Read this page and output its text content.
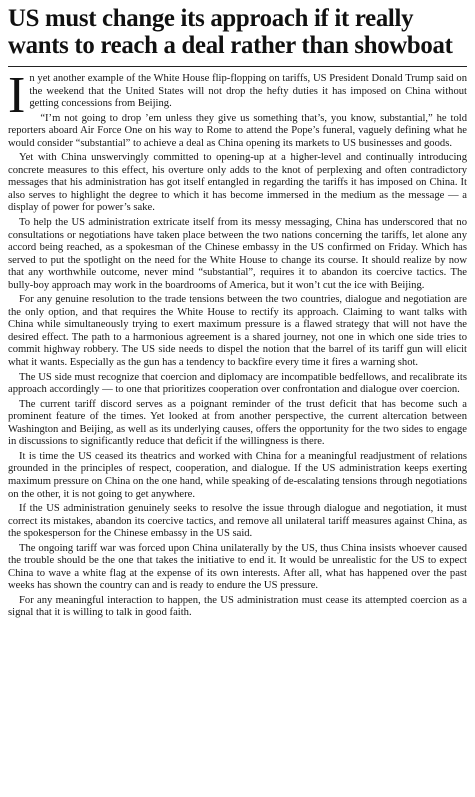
US must change its approach if it really
wants to reach a deal rather than showboat

In yet another example of the White House flip-flopping on tariffs, US President Donald Trump said on the weekend that the United States will not drop the hefty duties it has imposed on China without getting concessions from Beijing.

“I’m not going to drop ’em unless they give us something that’s, you know, substantial,” he told reporters aboard Air Force One on his way to Rome to attend the Pope’s funeral, vaguely defining what he would consider “substantial” to achieve a deal as China opening its markets to US businesses and goods.

Yet with China unswervingly committed to opening-up at a higher-level and continually introducing concrete measures to this effect, his overture only adds to the knot of perplexing and often contradictory messages that his administration has got itself entangled in regarding the tariffs it has imposed on China. It also serves to highlight the degree to which it has become immersed in the medium as the message — a display of power for power’s sake.

To help the US administration extricate itself from its messy messaging, China has underscored that no consultations or negotiations have taken place between the two nations concerning the tariffs, let alone any accord being reached, as a spokesman of the Chinese embassy in the US confirmed on Friday. Which has served to put the spotlight on the need for the White House to change its course. It should realize by now that any worthwhile outcome, never mind “substantial”, requires it to abandon its coercive tactics. The bully-boy approach may work in the boardrooms of America, but it won’t cut the ice with Beijing.

For any genuine resolution to the trade tensions between the two countries, dialogue and negotiation are the only option, and that requires the White House to rectify its approach. Claiming to want talks with China while simultaneously trying to exert maximum pressure is a flawed strategy that will not have the desired effect. The path to a harmonious agreement is a shared journey, not one in which one side tries to commit highway robbery. The US side needs to dispel the notion that the barrel of its tariff gun will elicit what it wants. Especially as the gun has a tendency to backfire every time it fires a warning shot.

The US side must recognize that coercion and diplomacy are incompatible bedfellows, and recalibrate its approach accordingly — to one that prioritizes cooperation over confrontation and dialogue over coercion.

The current tariff discord serves as a poignant reminder of the trust deficit that has become such a prominent feature of the times. Yet looked at from another perspective, the current altercation between Washington and Beijing, as well as its underlying causes, offers the opportunity for the two sides to engage in discussions to significantly reduce that deficit if the willingness is there.

It is time the US ceased its theatrics and worked with China for a meaningful readjustment of relations grounded in the principles of respect, cooperation, and dialogue. If the US administration keeps exerting maximum pressure on China on the one hand, while speaking of de-escalating tensions through negotiations on the other, it is not going to get anywhere.

If the US administration genuinely seeks to resolve the issue through dialogue and negotiation, it must correct its mistakes, abandon its coercive tactics, and remove all unilateral tariff measures against China, as the spokesperson for the Chinese embassy in the US said.

The ongoing tariff war was forced upon China unilaterally by the US, thus China insists whoever caused the trouble should be the one that takes the initiative to end it. It would be unrealistic for the US to expect China to wave a white flag at the expense of its own interests. After all, what has happened over the past weeks has shown the country can and is ready to endure the US pressure.

For any meaningful interaction to happen, the US administration must cease its attempted coercion as a signal that it is willing to talk in good faith.
